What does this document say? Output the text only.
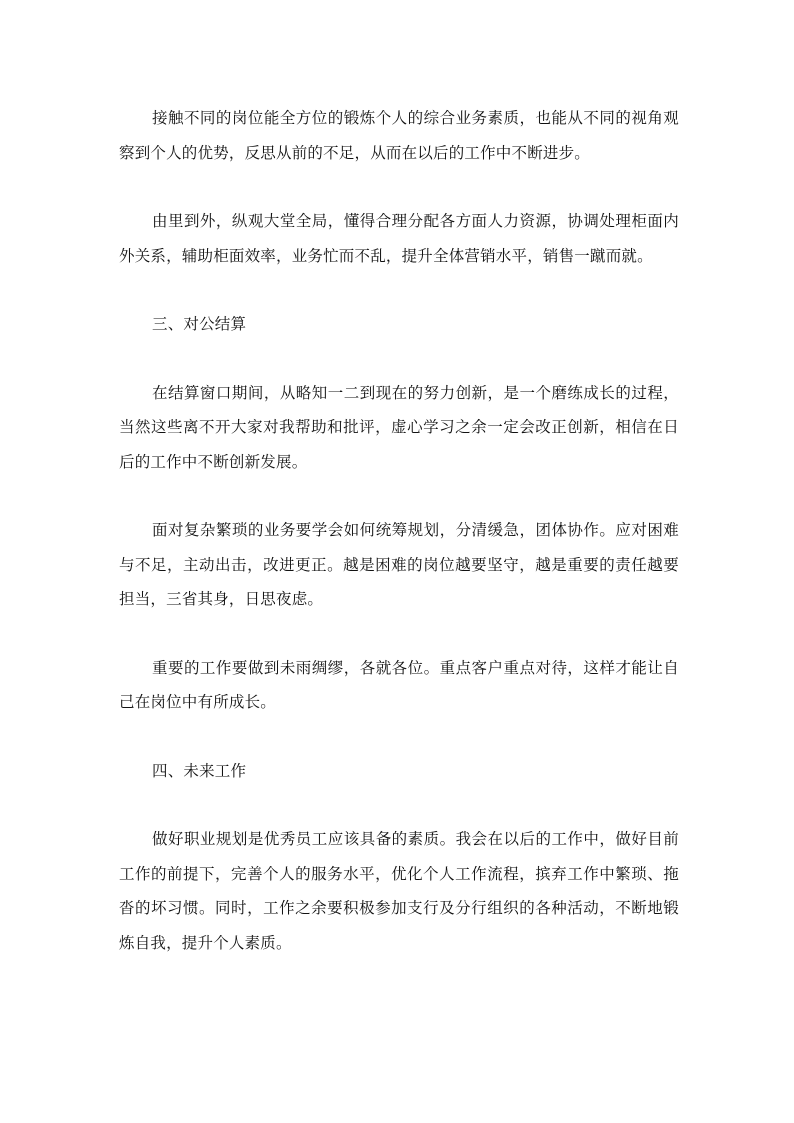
接触不同的岗位能全方位的锻炼个人的综合业务素质，也能从不同的视角观察到个人的优势，反思从前的不足，从而在以后的工作中不断进步。

由里到外，纵观大堂全局，懂得合理分配各方面人力资源，协调处理柜面内外关系，辅助柜面效率，业务忙而不乱，提升全体营销水平，销售一蹴而就。

三、对公结算

在结算窗口期间，从略知一二到现在的努力创新，是一个磨练成长的过程，当然这些离不开大家对我帮助和批评，虚心学习之余一定会改正创新，相信在日后的工作中不断创新发展。

面对复杂繁琐的业务要学会如何统筹规划，分清缓急，团体协作。应对困难与不足，主动出击，改进更正。越是困难的岗位越要坚守，越是重要的责任越要担当，三省其身，日思夜虑。

重要的工作要做到未雨绸缪，各就各位。重点客户重点对待，这样才能让自己在岗位中有所成长。

四、未来工作

做好职业规划是优秀员工应该具备的素质。我会在以后的工作中，做好目前工作的前提下，完善个人的服务水平，优化个人工作流程，摈弃工作中繁琐、拖沓的坏习惯。同时，工作之余要积极参加支行及分行组织的各种活动，不断地锻炼自我，提升个人素质。
